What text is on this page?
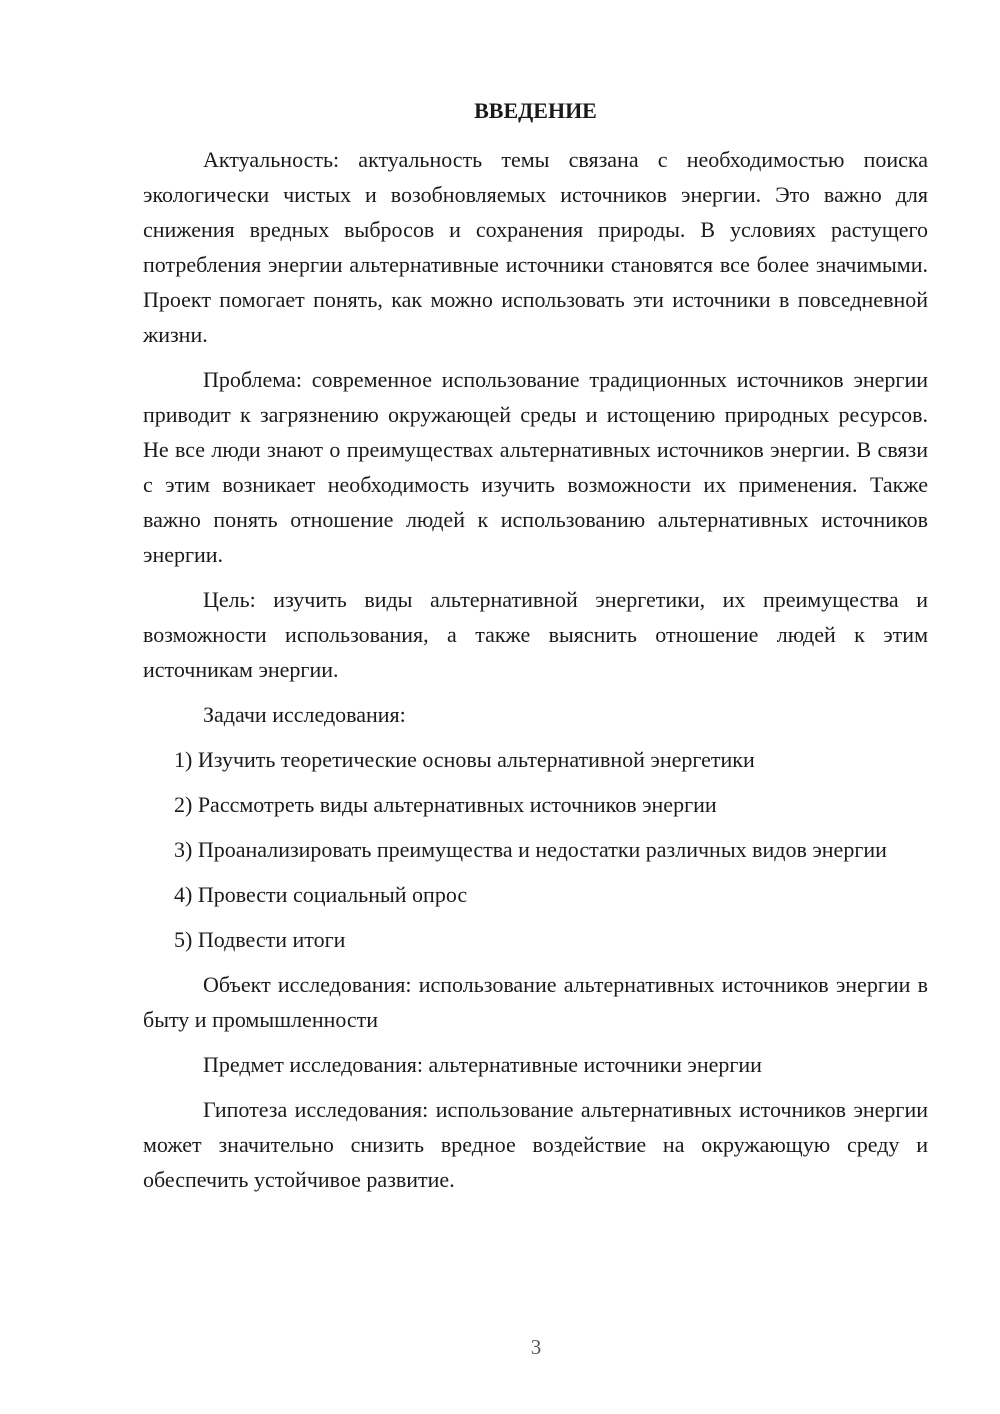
ВВЕДЕНИЕ

Актуальность: актуальность темы связана с необходимостью поиска экологически чистых и возобновляемых источников энергии. Это важно для снижения вредных выбросов и сохранения природы. В условиях растущего потребления энергии альтернативные источники становятся все более значимыми. Проект помогает понять, как можно использовать эти источники в повседневной жизни.

Проблема: современное использование традиционных источников энергии приводит к загрязнению окружающей среды и истощению природных ресурсов. Не все люди знают о преимуществах альтернативных источников энергии. В связи с этим возникает необходимость изучить возможности их применения. Также важно понять отношение людей к использованию альтернативных источников энергии.

Цель: изучить виды альтернативной энергетики, их преимущества и возможности использования, а также выяснить отношение людей к этим источникам энергии.

Задачи исследования:

1) Изучить теоретические основы альтернативной энергетики

2) Рассмотреть виды альтернативных источников энергии

3) Проанализировать преимущества и недостатки различных видов энергии

4) Провести социальный опрос

5) Подвести итоги

Объект исследования: использование альтернативных источников энергии в быту и промышленности

Предмет исследования: альтернативные источники энергии

Гипотеза исследования: использование альтернативных источников энергии может значительно снизить вредное воздействие на окружающую среду и обеспечить устойчивое развитие.

3
